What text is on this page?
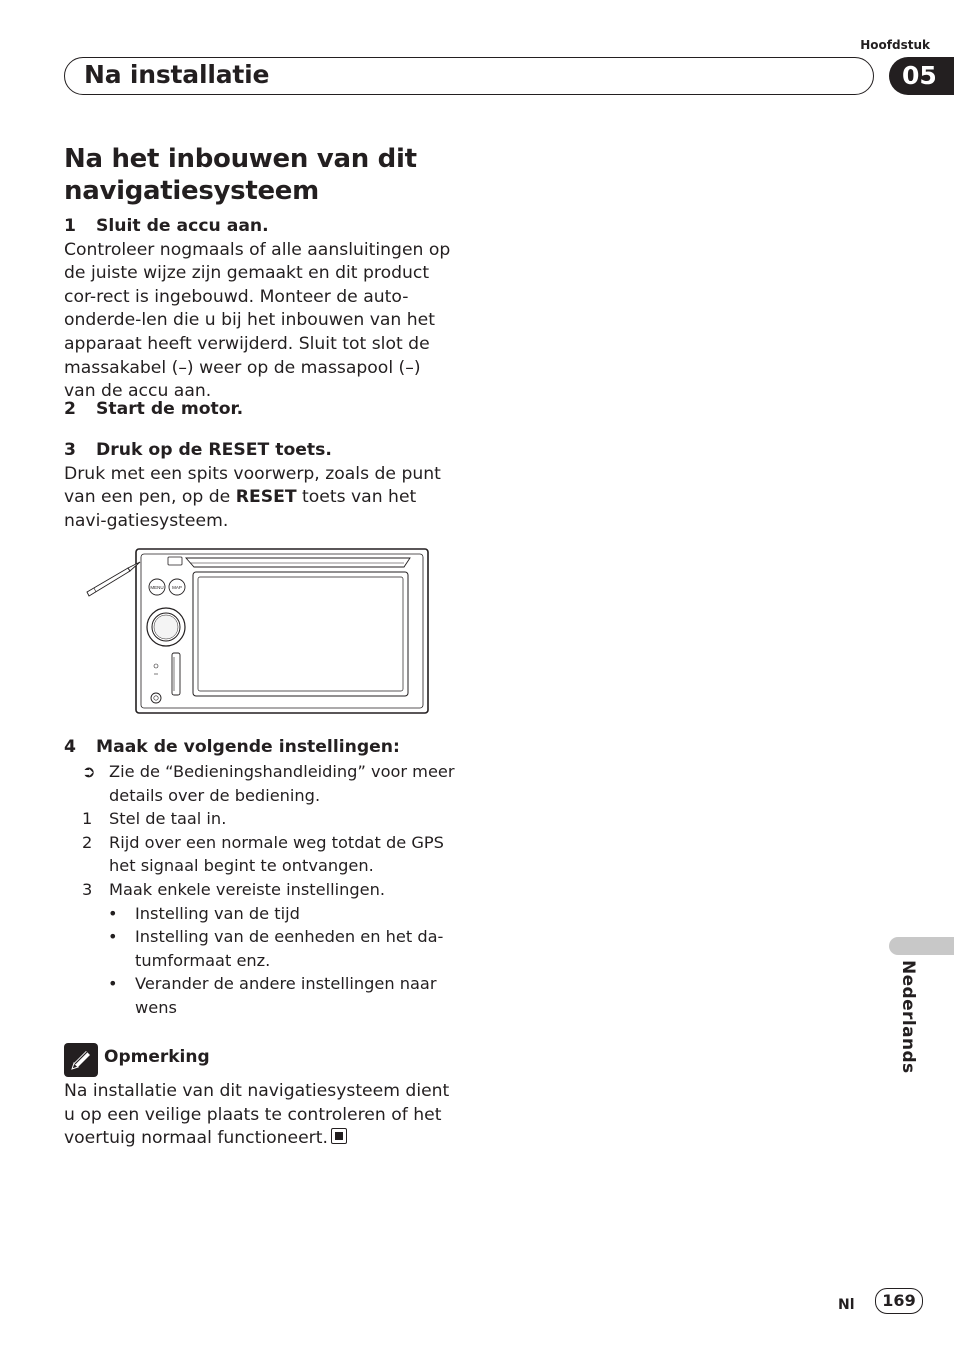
Hoofdstuk
Na installatie	05
Na het inbouwen van dit navigatiesysteem
1 Sluit de accu aan.

Controleer nogmaals of alle aansluitingen op de juiste wijze zijn gemaakt en dit product cor-rect is ingebouwd. Monteer de auto-onderde-len die u bij het inbouwen van het apparaat heeft verwijderd. Sluit tot slot de massakabel (–) weer op de massapool (–) van de accu aan.

2 Start de motor.
3 Druk op de RESET toets.

Druk met een spits voorwerp, zoals de punt van een pen, op de RESET toets van het navi-gatiesysteem.

MENU MAP
4 Maak de volgende instellingen:
➲ Zie de “Bedieningshandleiding” voor meer details over de bediening.
1	Stel de taal in.
2	Rijd over een normale weg totdat de GPS het signaal begint te ontvangen.
3	Maak enkele vereiste instellingen.
•	Instelling van de tijd
•	Instelling van de eenheden en het da-tumformaat enz.
•	Verander de andere instellingen naar wens
Opmerking

Na installatie van dit navigatiesysteem dient u op een veilige plaats te controleren of het voertuig normaal functioneert.

Nederlands
Nl	169
